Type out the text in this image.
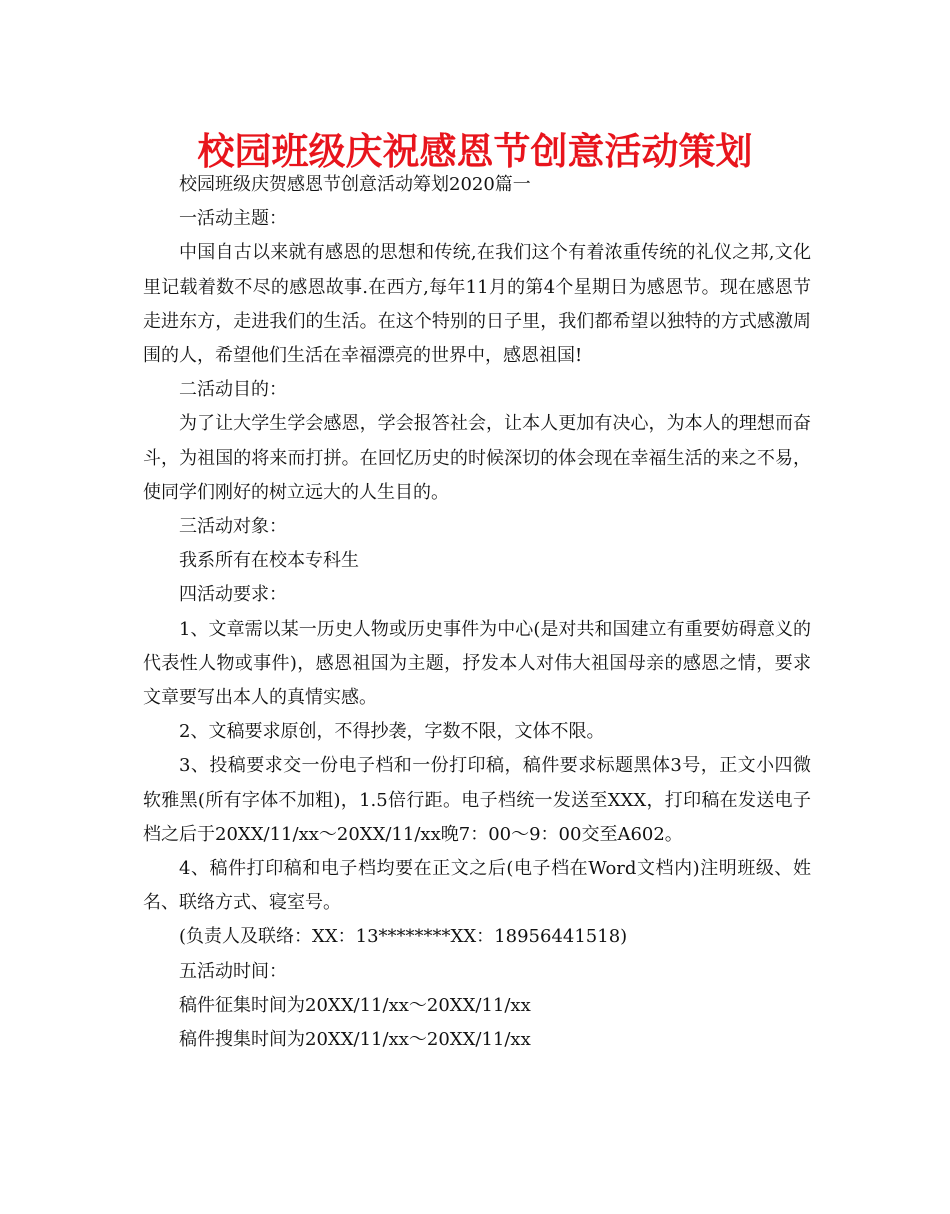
校园班级庆祝感恩节创意活动策划

校园班级庆贺感恩节创意活动筹划2020篇一

一活动主题：

中国自古以来就有感恩的思想和传统,在我们这个有着浓重传统的礼仪之邦,文化里记载着数不尽的感恩故事.在西方,每年11月的第4个星期日为感恩节。现在感恩节走进东方，走进我们的生活。在这个特别的日子里，我们都希望以独特的方式感激周围的人，希望他们生活在幸福漂亮的世界中，感恩祖国!

二活动目的：

为了让大学生学会感恩，学会报答社会，让本人更加有决心，为本人的理想而奋斗，为祖国的将来而打拼。在回忆历史的时候深切的体会现在幸福生活的来之不易，使同学们刚好的树立远大的人生目的。

三活动对象：

我系所有在校本专科生

四活动要求：

1、文章需以某一历史人物或历史事件为中心(是对共和国建立有重要妨碍意义的代表性人物或事件)，感恩祖国为主题，抒发本人对伟大祖国母亲的感恩之情，要求文章要写出本人的真情实感。

2、文稿要求原创，不得抄袭，字数不限，文体不限。

3、投稿要求交一份电子档和一份打印稿，稿件要求标题黑体3号，正文小四微软雅黑(所有字体不加粗)，1.5倍行距。电子档统一发送至XXX，打印稿在发送电子档之后于20XX/11/xx～20XX/11/xx晚7：00～9：00交至A602。

4、稿件打印稿和电子档均要在正文之后(电子档在Word文档内)注明班级、姓名、联络方式、寝室号。

(负责人及联络：XX：13********XX：18956441518)

五活动时间：

稿件征集时间为20XX/11/xx～20XX/11/xx

稿件搜集时间为20XX/11/xx～20XX/11/xx
